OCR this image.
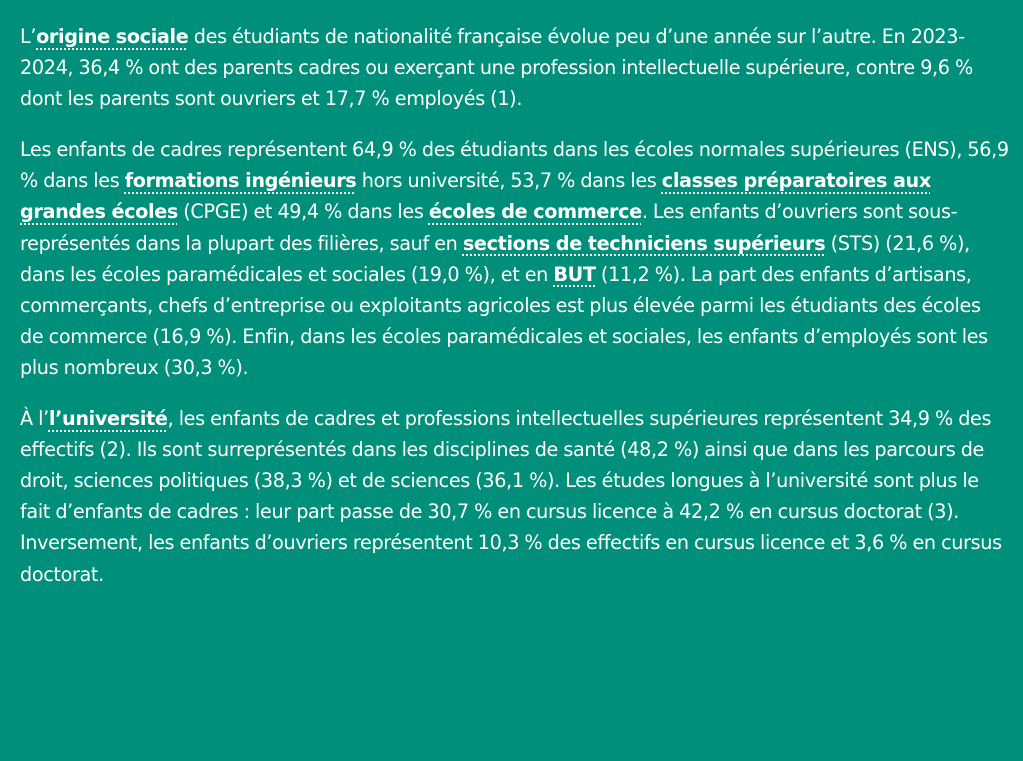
L’origine sociale des étudiants de nationalité française évolue peu d’une année sur l’autre. En 2023-2024, 36,4 % ont des parents cadres ou exerçant une profession intellectuelle supérieure, contre 9,6 % dont les parents sont ouvriers et 17,7 % employés (1).

Les enfants de cadres représentent 64,9 % des étudiants dans les écoles normales supérieures (ENS), 56,9 % dans les formations ingénieurs hors université, 53,7 % dans les classes préparatoires aux grandes écoles (CPGE) et 49,4 % dans les écoles de commerce. Les enfants d’ouvriers sont sous-représentés dans la plupart des filières, sauf en sections de techniciens supérieurs (STS) (21,6 %), dans les écoles paramédicales et sociales (19,0 %), et en BUT (11,2 %). La part des enfants d’artisans, commerçants, chefs d’entreprise ou exploitants agricoles est plus élevée parmi les étudiants des écoles de commerce (16,9 %). Enfin, dans les écoles paramédicales et sociales, les enfants d’employés sont les plus nombreux (30,3 %).

À l’l’université, les enfants de cadres et professions intellectuelles supérieures représentent 34,9 % des effectifs (2). Ils sont surreprésentés dans les disciplines de santé (48,2 %) ainsi que dans les parcours de droit, sciences politiques (38,3 %) et de sciences (36,1 %). Les études longues à l’université sont plus le fait d’enfants de cadres : leur part passe de 30,7 % en cursus licence à 42,2 % en cursus doctorat (3). Inversement, les enfants d’ouvriers représentent 10,3 % des effectifs en cursus licence et 3,6 % en cursus doctorat.
